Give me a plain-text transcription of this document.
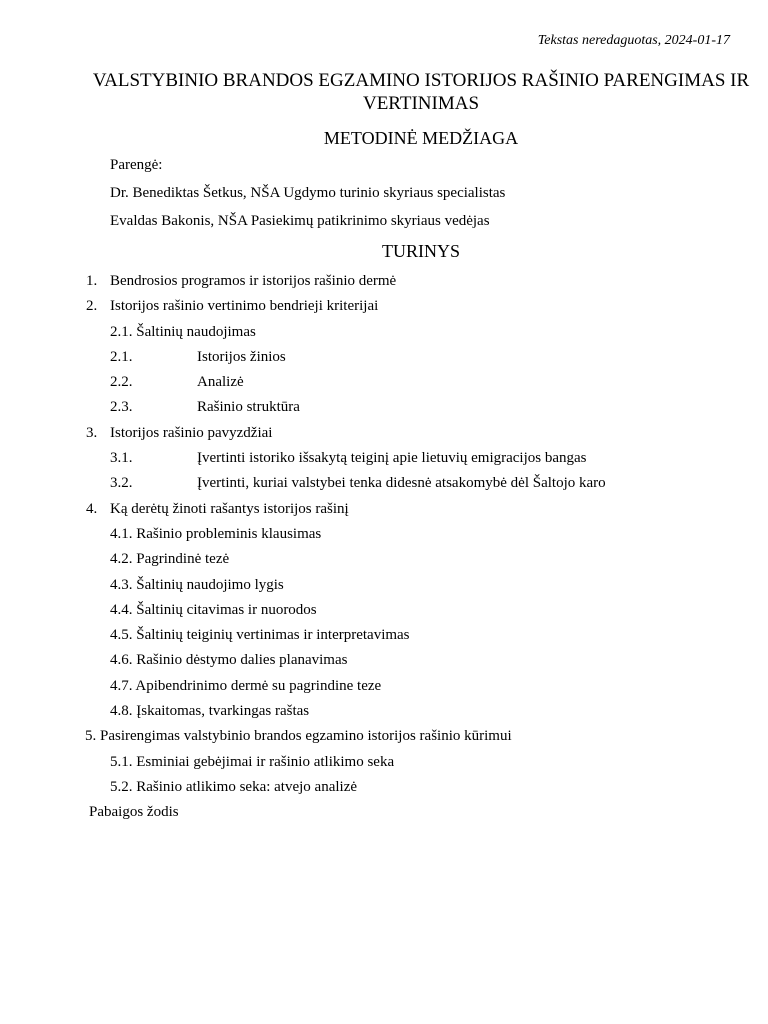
Tekstas neredaguotas, 2024-01-17
VALSTYBINIO BRANDOS EGZAMINO ISTORIJOS RAŠINIO PARENGIMAS IR VERTINIMAS
METODINĖ MEDŽIAGA
Parengė:
Dr. Benediktas Šetkus, NŠA Ugdymo turinio skyriaus specialistas
Evaldas Bakonis, NŠA Pasiekimų patikrinimo skyriaus vedėjas
TURINYS
1. Bendrosios programos ir istorijos rašinio dermė
2. Istorijos rašinio vertinimo bendrieji kriterijai
2.1. Šaltinių naudojimas
2.1.	Istorijos žinios
2.2.	Analizė
2.3.	Rašinio struktūra
3. Istorijos rašinio pavyzdžiai
3.1.	Įvertinti istoriko išsakytą teiginį apie lietuvių emigracijos bangas
3.2.	Įvertinti, kuriai valstybei tenka didesnė atsakomybė dėl Šaltojo karo
4. Ką derėtų žinoti rašantys istorijos rašinį
4.1. Rašinio probleminis klausimas
4.2. Pagrindinė tezė
4.3. Šaltinių naudojimo lygis
4.4. Šaltinių citavimas ir nuorodos
4.5. Šaltinių teiginių vertinimas ir interpretavimas
4.6. Rašinio dėstymo dalies planavimas
4.7. Apibendrinimo dermė su pagrindine teze
4.8. Įskaitomas, tvarkingas raštas
5. Pasirengimas valstybinio brandos egzamino istorijos rašinio kūrimui
5.1. Esminiai gebėjimai ir rašinio atlikimo seka
5.2. Rašinio atlikimo seka: atvejo analizė
Pabaigos žodis
